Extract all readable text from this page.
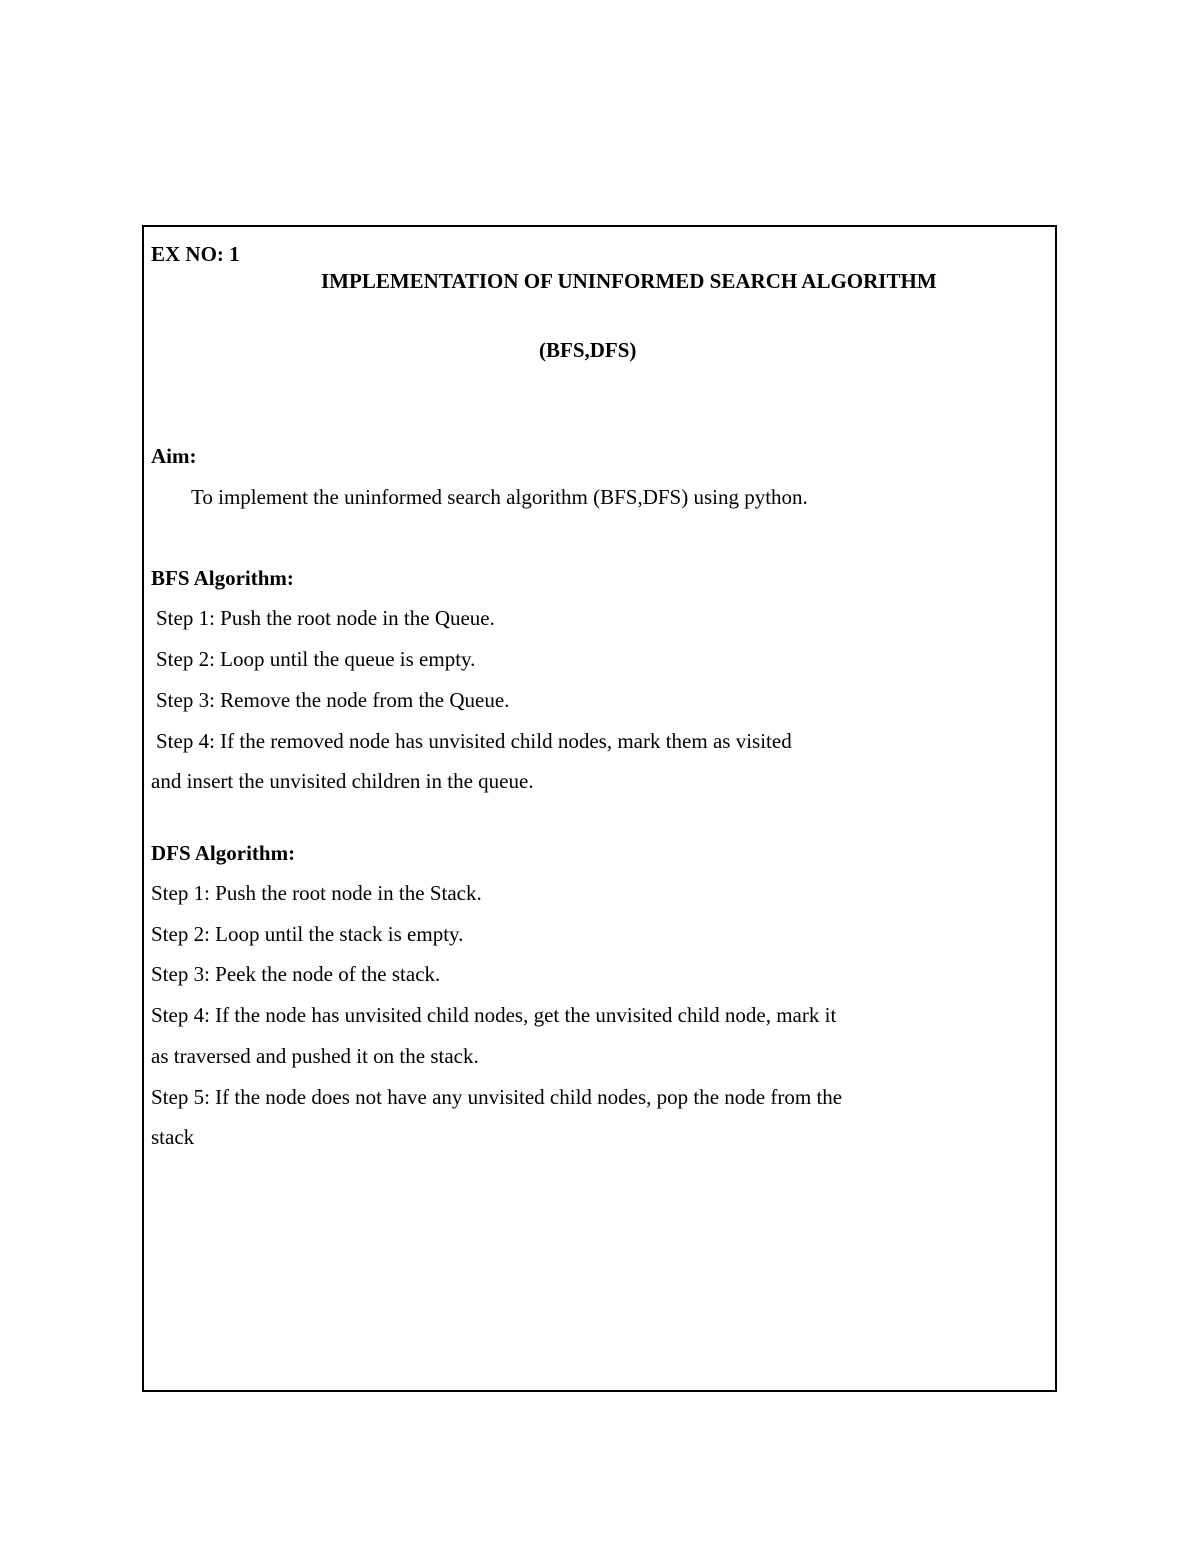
EX NO: 1
IMPLEMENTATION OF UNINFORMED SEARCH ALGORITHM
(BFS,DFS)
Aim:
To implement the uninformed search algorithm (BFS,DFS) using python.
BFS Algorithm:
Step 1: Push the root node in the Queue.
Step 2: Loop until the queue is empty.
Step 3: Remove the node from the Queue.
Step 4: If the removed node has unvisited child nodes, mark them as visited
and insert the unvisited children in the queue.
DFS Algorithm:
Step 1: Push the root node in the Stack.
Step 2: Loop until the stack is empty.
Step 3: Peek the node of the stack.
Step 4: If the node has unvisited child nodes, get the unvisited child node, mark it
as traversed and pushed it on the stack.
Step 5: If the node does not have any unvisited child nodes, pop the node from the
stack
